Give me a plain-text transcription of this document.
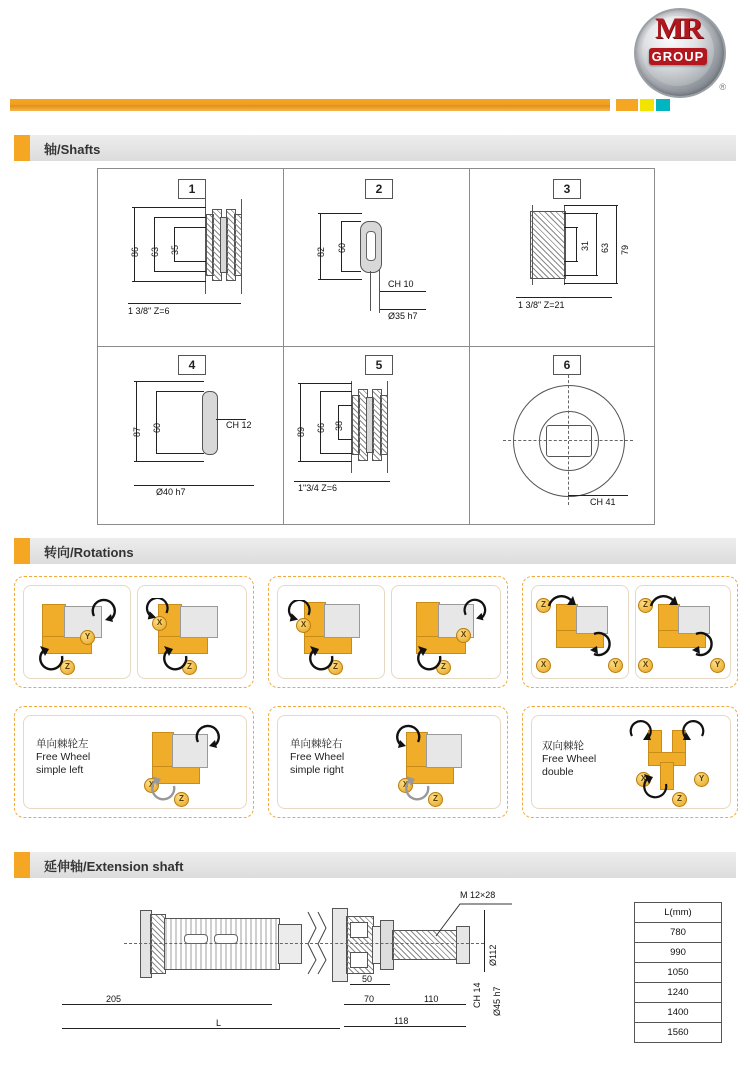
MR
GROUP
®
轴/Shafts
1
86 63 35
1 3/8" Z=6
2
82 60
CH 10
Ø35 h7
3
79
63
31
1 3/8" Z=21
4
87 60	CH 12
Ø40 h7
5
89 66 38
1"3/4 Z=6
6
CH 41
转向/Rotations
Y
Z
X
Z
X
Z
X
Z
Z
X	Y
Z
X	Y
单向棘轮左
Free Wheel
simple left
X
Z
单向棘轮右
Free Wheel
simple right
X
Z
双向棘轮
Free Wheel
double
X	Y
Z
延伸轴/Extension shaft
M 12×28
Ø112
CH 14 Ø45 h7
50
70	110
118
205
L
L(mm)
780
990
1050
1240
1400
1560
